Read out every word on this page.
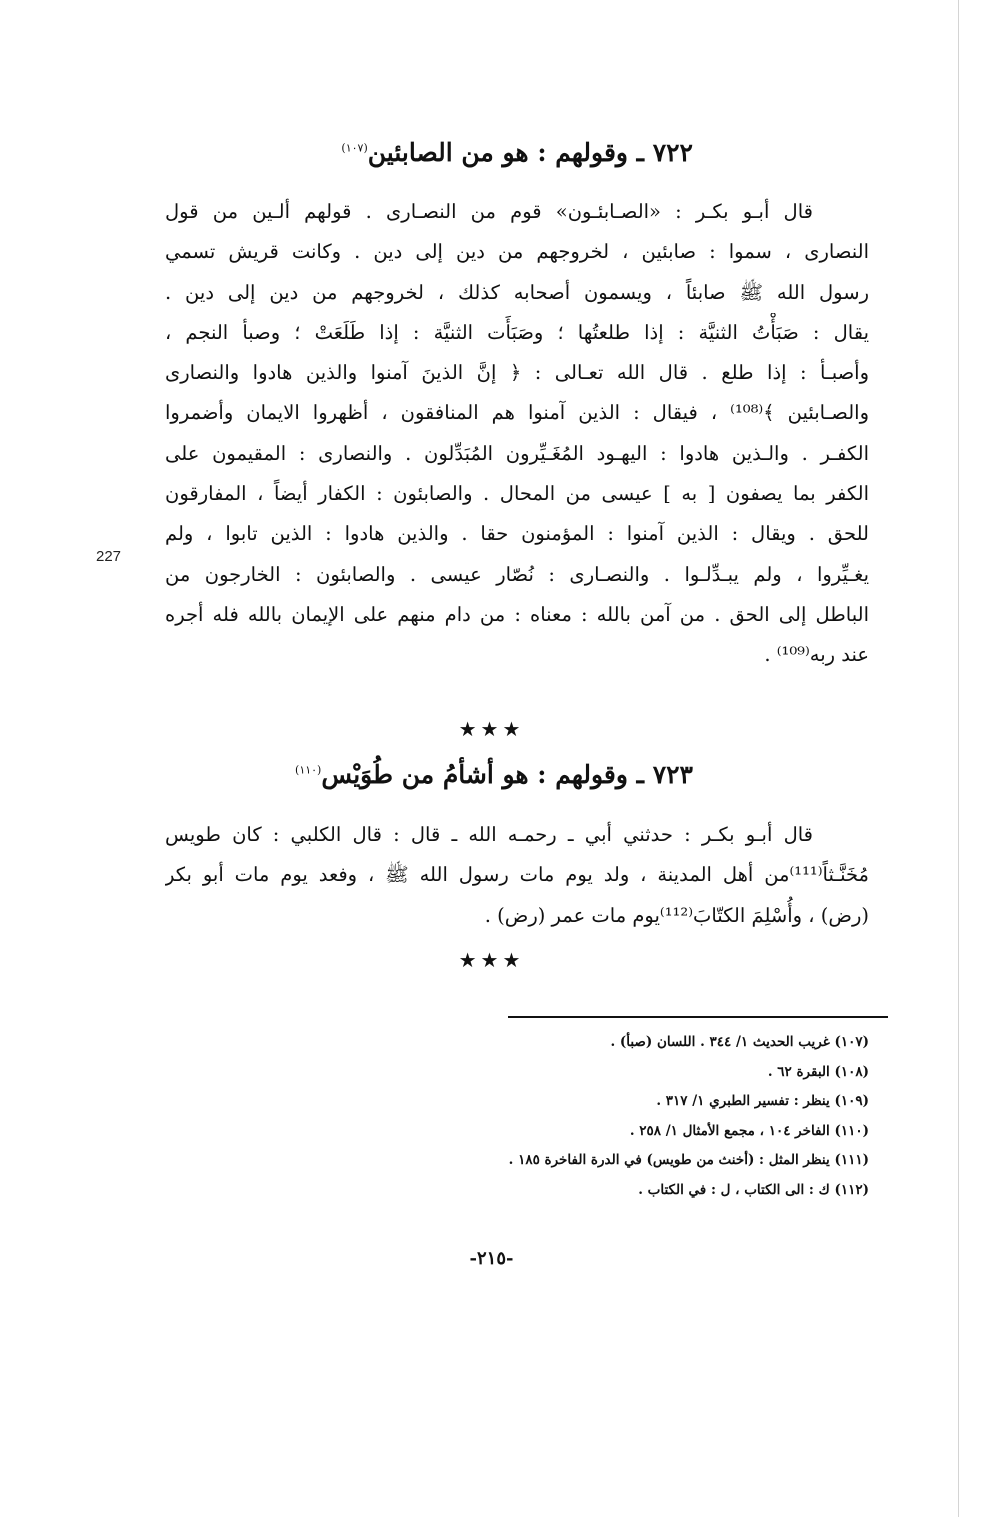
227
٧٢٢ ـ وقولهم : هو من الصابئين$^{(١٠٧)}$
قال أبـو بكـر : «الصـابئـون» قوم من النصـارى . قولهم ألـين من قول
النصارى ، سموا : صابئين ، لخروجهم من دين إلى دين . وكانت قريش تسمي
رسول الله ﷺ صابئاً ، ويسمون أصحابه كذلك ، لخروجهم من دين إلى دين .
يقال : صَبَأْتُ الثنيَّة : إذا طلعتُها ؛ وصَبَأَت الثنيَّة : إذا طَلَعَتْ ؛ وصبأ النجم ،
وأصبـأ : إذا طلع . قال الله تعـالى : ﴿ إنَّ الذينَ آمنوا والذين هادوا والنصارى
والصـابئين ﴾⁽¹⁰⁸⁾ ، فيقال : الذين آمنوا هم المنافقون ، أظهروا الايمان وأضمروا
الكفـر . والـذين هادوا : اليهـود المُغَـيِّرون المُبَدِّلون . والنصارى : المقيمون على
الكفر بما يصفون [ به ] عيسى من المحال . والصابئون : الكفار أيضاً ، المفارقون
للحق . ويقال : الذين آمنوا : المؤمنون حقا . والذين هادوا : الذين تابوا ، ولم
يغـيِّروا ، ولم يبـدِّلـوا . والنصـارى : نُصّار عيسى . والصابئون : الخارجون من
الباطل إلى الحق . من آمن بالله : معناه : من دام منهم على الإيمان بالله فله أجره
عند ربه⁽¹⁰⁹⁾ .
★★★
٧٢٣ ـ وقولهم : هو أشأمُ من طُوَيْس$^{(١١٠)}$
قال أبـو بكـر : حدثني أبي ـ رحمـه الله ـ قال : قال الكلبي : كان طويس
مُخَنَّـثاً⁽¹¹¹⁾من أهل المدينة ، ولد يوم مات رسول الله ﷺ ، وفعد يوم مات أبو بكر
(رض) ، وأُسْلِمَ الكتّابَ⁽¹¹²⁾يوم مات عمر (رض) .
★★★
(١٠٧) غريب الحديث ١/ ٣٤٤ . اللسان (صبأ) .
(١٠٨) البقرة ٦٢ .
(١٠٩) ينظر : تفسير الطبري ١/ ٣١٧ .
(١١٠) الفاخر ١٠٤ ، مجمع الأمثال ١/ ٢٥٨ .
(١١١) ينظر المثل : (أخنث من طويس) في الدرة الفاخرة ١٨٥ .
(١١٢) ك : الى الكتاب ، ل : في الكتاب .
-٢١٥-
